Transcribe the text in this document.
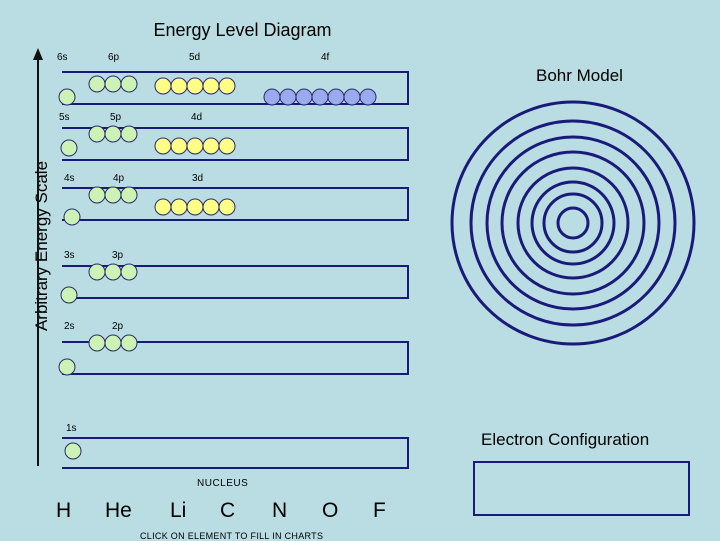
Energy Level Diagram
Arbitrary Energy Scale
6s	6p	5d	4f
5s	5p	4d
4s	4p	3d
3s	3p
2s	2p
1s
Bohr Model
Electron Configuration
NUCLEUS
H He Li C N O F
CLICK ON ELEMENT TO FILL IN CHARTS
